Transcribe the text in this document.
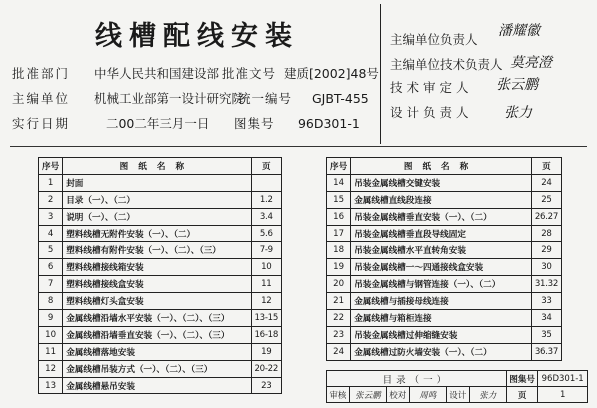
线槽配线安装
批准部门 中华人民共和国建设部 批准文号 建质[2002]48号
主编单位 机械工业部第一设计研究院 统一编号 GJBT-455
实行日期	二00二年三月一日 图集号 96D301-1
主编单位负责人
潘耀徽
主编单位技术负责人 莫亮澄
技术审定人 张云鹏
设计负责人 张力
序号	图纸名称	页
1	封面	
2	目录（一）、（二）	1.2
3	说明（一）、（二）	3.4
4	塑料线槽无附件安装（一）、（二）	5.6
5	塑料线槽有附件安装（一）、（二）、（三）	7-9
6	塑料线槽接线箱安装	10
7	塑料线槽接线盒安装	11
8	塑料线槽灯头盒安装	12
9	金属线槽沿墙水平安装（一）、（二）、（三）	13-15
10	金属线槽沿墙垂直安装（一）、（二）、（三）	16-18
11	金属线槽落地安装	19
12	金属线槽吊装方式（一）、（二）、（三）	20-22
13	金属线槽悬吊安装	23
序号	图纸名称	页
14	吊装金属线槽交键安装	24
15	金属线槽直线段连接	25
16	吊装金属线槽垂直安装（一）、（二）	26.27
17	吊装金属线槽垂直段导线固定	28
18	吊装金属线槽水平直转角安装	29
19	吊装金属线槽一～四通接线盒安装	30
20	吊装金属线槽与钢管连接（一）、（二）	31.32
21	金属线槽与插接母线连接	33
22	金属线槽与箱柜连接	34
23	吊装金属线槽过伸缩缝安装	35
24	金属线槽过防火墙安装（一）、（二）	36.37
目录（一）						图集号	96D301-1
审核	张云鹏	校对	周鸣	设计	张力	页	1
